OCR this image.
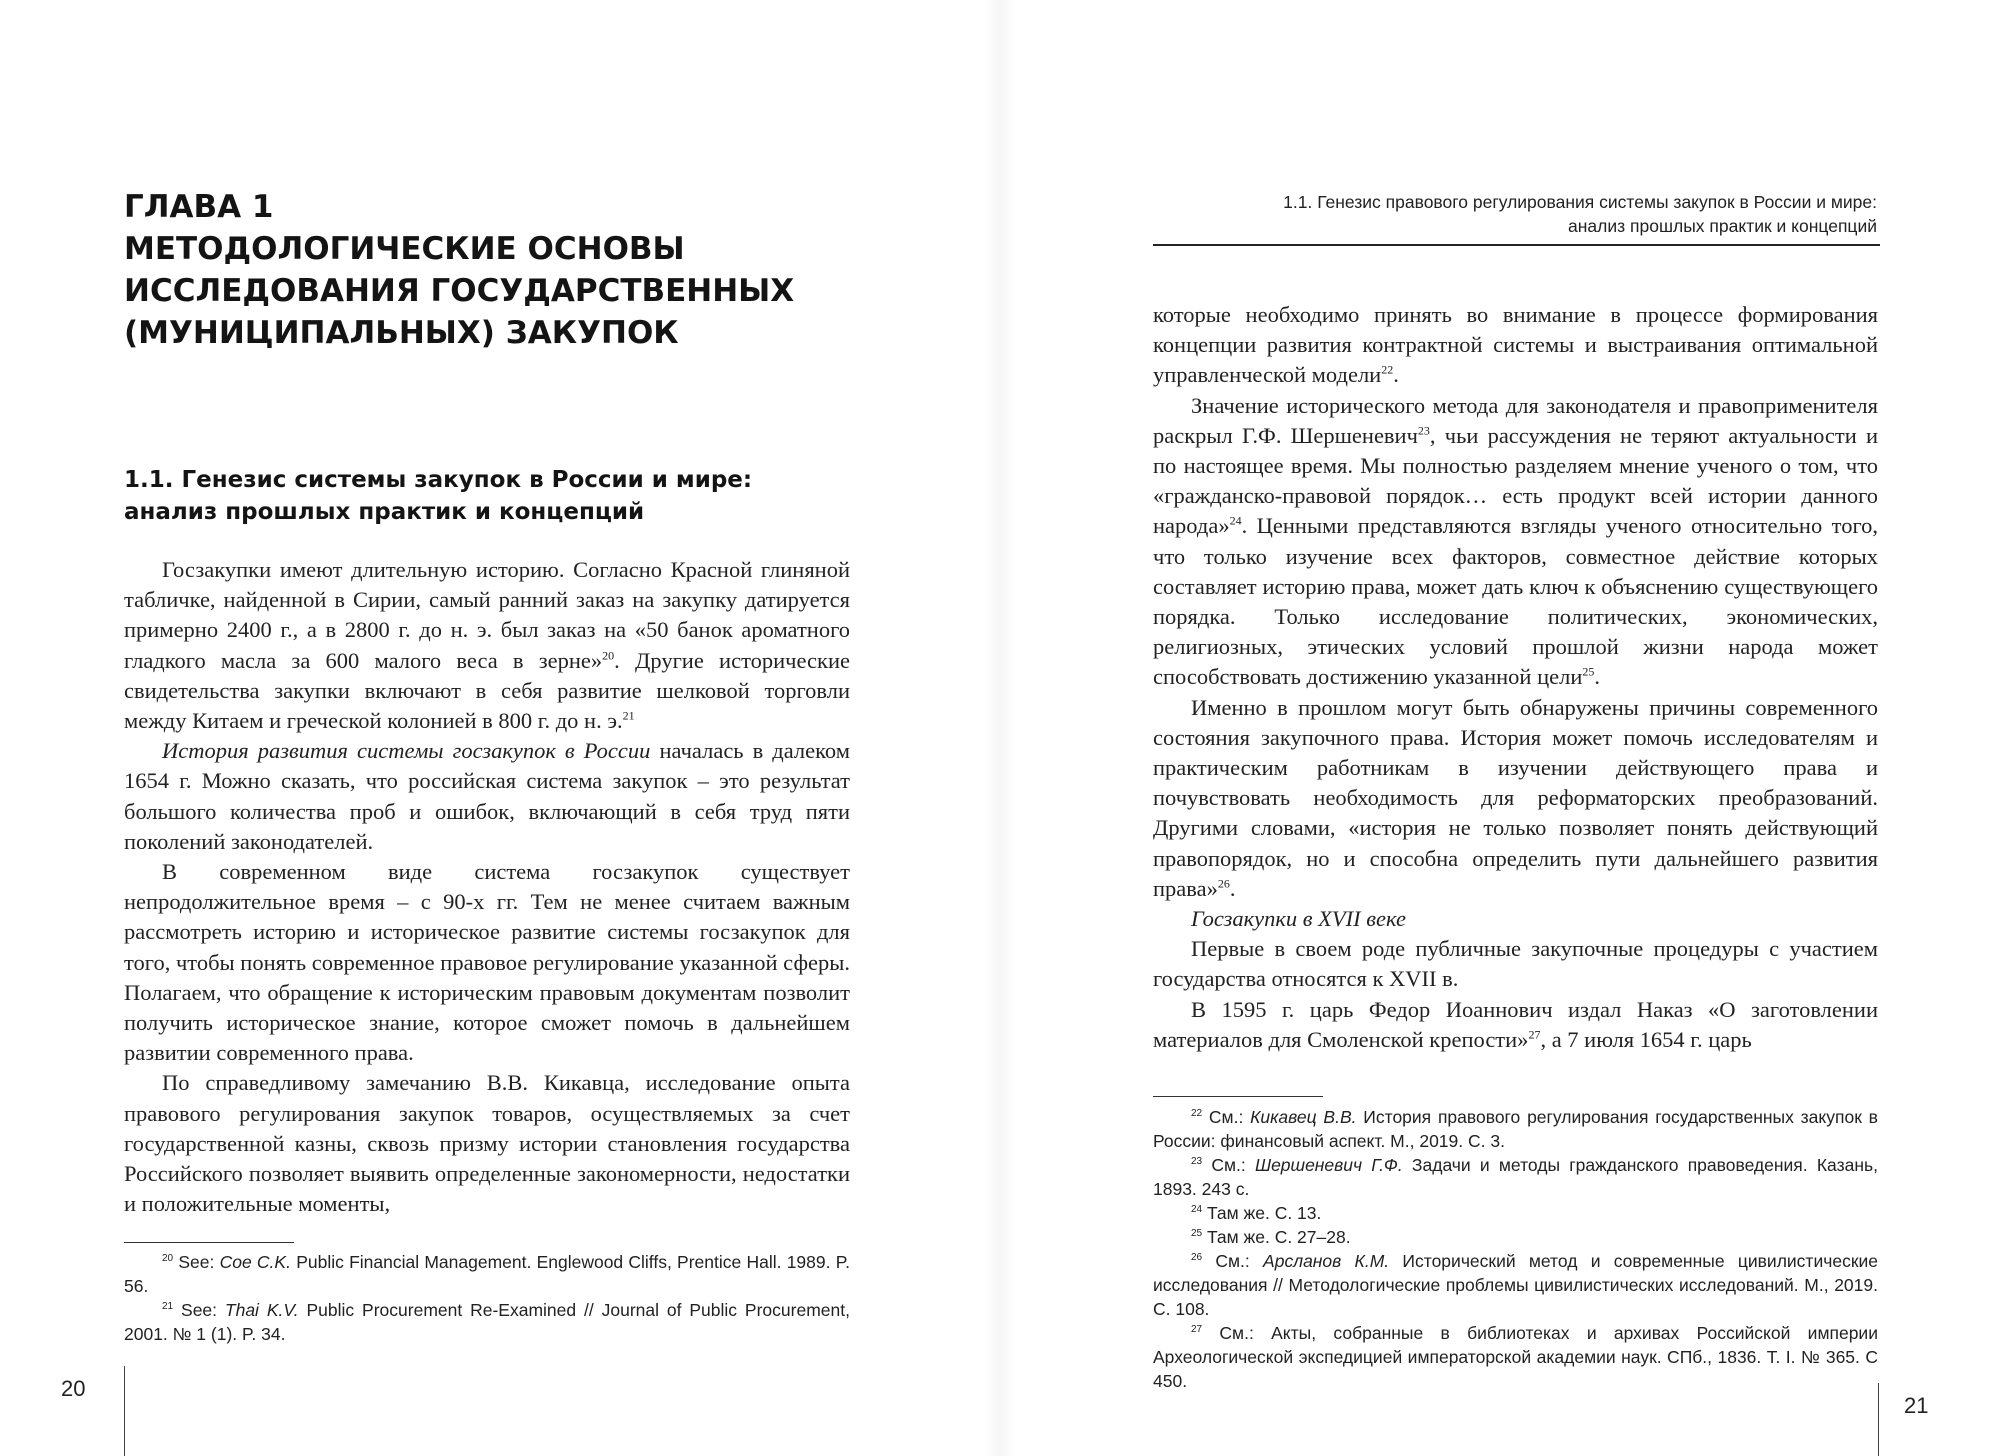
ГЛАВА 1
МЕТОДОЛОГИЧЕСКИЕ ОСНОВЫ
ИССЛЕДОВАНИЯ ГОСУДАРСТВЕННЫХ
(МУНИЦИПАЛЬНЫХ) ЗАКУПОК
1.1. Генезис системы закупок в России и мире:
анализ прошлых практик и концепций

Госзакупки имеют длительную историю. Согласно Красной глиняной табличке, найденной в Сирии, самый ранний заказ на закупку датируется примерно 2400 г., а в 2800 г. до н. э. был заказ на «50 банок ароматного гладкого масла за 600 малого веса в зерне»$^{20}$. Другие исторические свидетельства закупки включают в себя развитие шелковой торговли между Китаем и греческой колонией в 800 г. до н. э.$^{21}$

История развития системы госзакупок в России началась в далеком 1654 г. Можно сказать, что российская система закупок – это результат большого количества проб и ошибок, включающий в себя труд пяти поколений законодателей.

В современном виде система госзакупок существует непродолжительное время – с 90-х гг. Тем не менее считаем важным рассмотреть историю и историческое развитие системы госзакупок для того, чтобы понять современное правовое регулирование указанной сферы. Полагаем, что обращение к историческим правовым документам позволит получить историческое знание, которое сможет помочь в дальнейшем развитии современного права.

По справедливому замечанию В.В. Кикавца, исследование опыта правового регулирования закупок товаров, осуществляемых за счет государственной казны, сквозь призму истории становления государства Российского позволяет выявить определенные закономерности, недостатки и положительные моменты,

$^{20}$ See: Coe C.K. Public Financial Management. Englewood Cliffs, Prentice Hall. 1989. P. 56.

$^{21}$ See: Thai K.V. Public Procurement Re-Examined // Journal of Public Procurement, 2001. № 1 (1). P. 34.

20
1.1. Генезис правового регулирования системы закупок в России и мире:
анализ прошлых практик и концепций

которые необходимо принять во внимание в процессе формирования концепции развития контрактной системы и выстраивания оптимальной управленческой модели$^{22}$.

Значение исторического метода для законодателя и правоприменителя раскрыл Г.Ф. Шершеневич$^{23}$, чьи рассуждения не теряют актуальности и по настоящее время. Мы полностью разделяем мнение ученого о том, что «гражданско-правовой порядок… есть продукт всей истории данного народа»$^{24}$. Ценными представляются взгляды ученого относительно того, что только изучение всех факторов, совместное действие которых составляет историю права, может дать ключ к объяснению существующего порядка. Только исследование политических, экономических, религиозных, этических условий прошлой жизни народа может способствовать достижению указанной цели$^{25}$.

Именно в прошлом могут быть обнаружены причины современного состояния закупочного права. История может помочь исследователям и практическим работникам в изучении действующего права и почувствовать необходимость для реформаторских преобразований. Другими словами, «история не только позволяет понять действующий правопорядок, но и способна определить пути дальнейшего развития права»$^{26}$.

Госзакупки в XVII веке

Первые в своем роде публичные закупочные процедуры с участием государства относятся к XVII в.

В 1595 г. царь Федор Иоаннович издал Наказ «О заготовлении материалов для Смоленской крепости»$^{27}$, а 7 июля 1654 г. царь

$^{22}$ См.: Кикавец В.В. История правового регулирования государственных закупок в России: финансовый аспект. М., 2019. С. 3.

$^{23}$ См.: Шершеневич Г.Ф. Задачи и методы гражданского правоведения. Казань, 1893. 243 с.

$^{24}$ Там же. С. 13.

$^{25}$ Там же. С. 27–28.

$^{26}$ См.: Арсланов К.М. Исторический метод и современные цивилистические исследования // Методологические проблемы цивилистических исследований. М., 2019. С. 108.

$^{27}$ См.: Акты, собранные в библиотеках и архивах Российской империи Археологической экспедицией императорской академии наук. СПб., 1836. Т. I. № 365. С 450.

21
